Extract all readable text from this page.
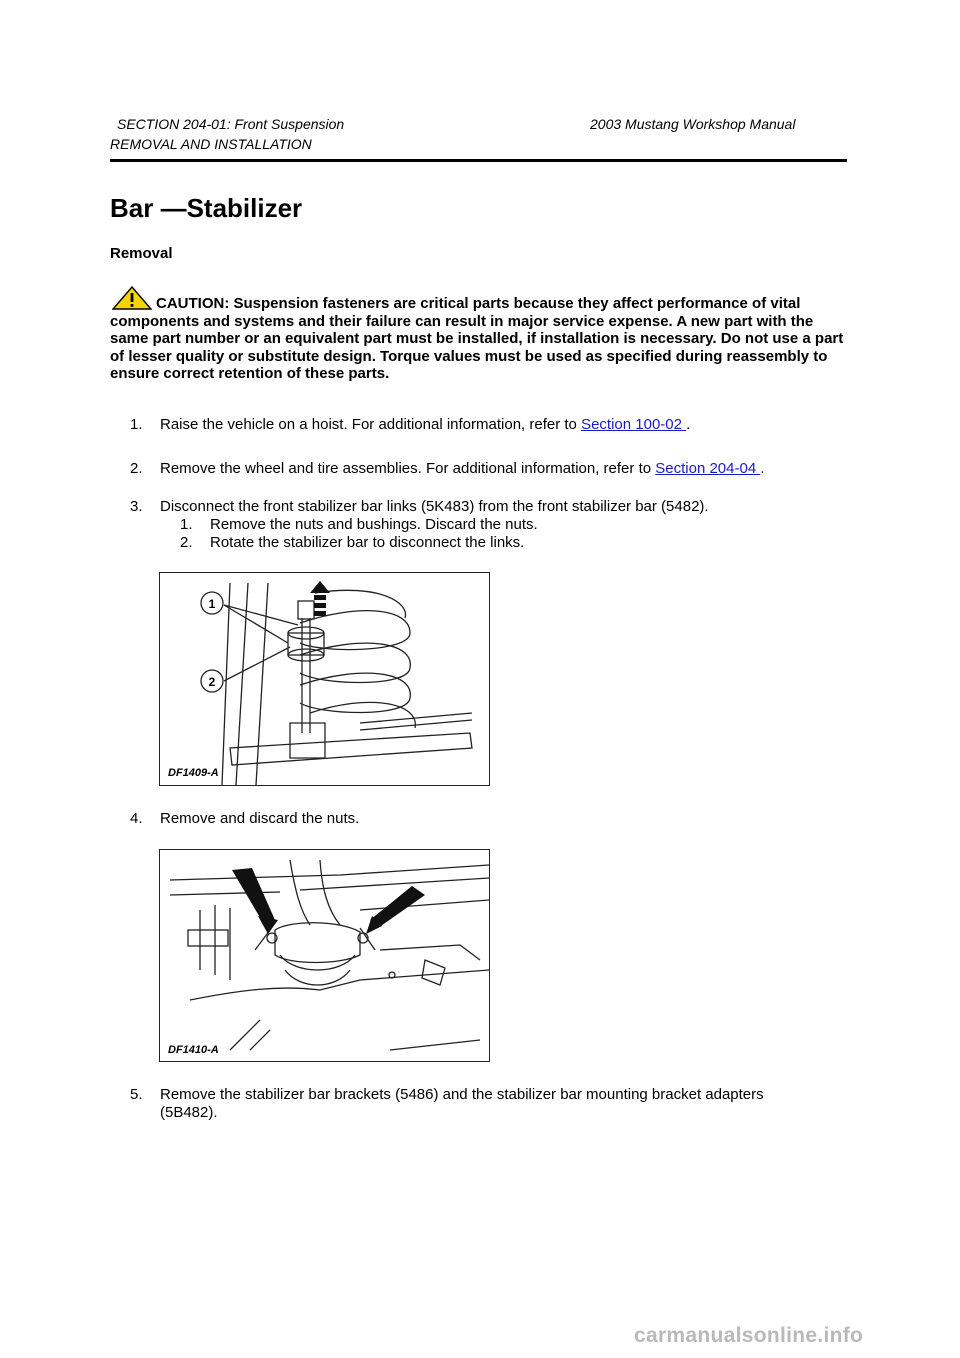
SECTION 204-01: Front Suspension	2003 Mustang Workshop Manual
REMOVAL AND INSTALLATION
Bar —Stabilizer
Removal
CAUTION: Suspension fasteners are critical parts because they affect performance of vital components and systems and their failure can result in major service expense. A new part with the same part number or an equivalent part must be installed, if installation is necessary. Do not use a part of lesser quality or substitute design. Torque values must be used as specified during reassembly to ensure correct retention of these parts.
1. Raise the vehicle on a hoist. For additional information, refer to Section 100-02 .
2. Remove the wheel and tire assemblies. For additional information, refer to Section 204-04 .
3. Disconnect the front stabilizer bar links (5K483) from the front stabilizer bar (5482).
1. Remove the nuts and bushings. Discard the nuts.
2. Rotate the stabilizer bar to disconnect the links.
1
2
DF1409-A
4. Remove and discard the nuts.
DF1410-A
5. Remove the stabilizer bar brackets (5486) and the stabilizer bar mounting bracket adapters
(5B482).
carmanualsonline.info
